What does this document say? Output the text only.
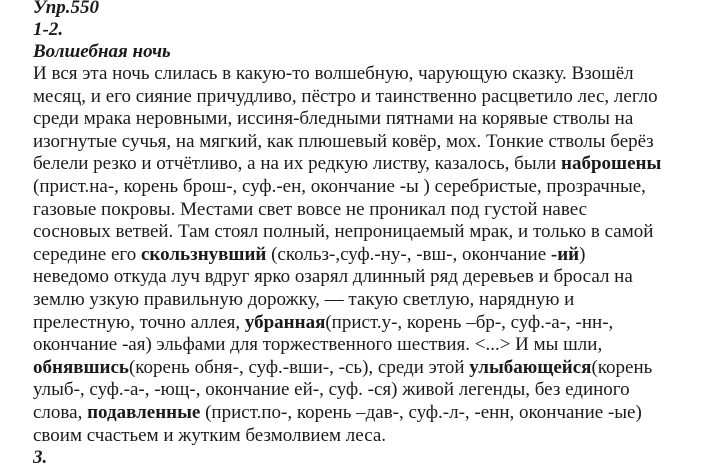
Упр.550

1-2.

Волшебная ночь

И вся эта ночь слилась в какую-то волшебную, чарующую сказку. Взошёл
месяц, и его сияние причудливо, пёстро и таинственно расцветило лес, легло
среди мрака неровными, иссиня-бледными пятнами на корявые стволы на
изогнутые сучья, на мягкий, как плюшевый ковёр, мох. Тонкие стволы берёз
белели резко и отчётливо, а на их редкую листву, казалось, были наброшены
(прист.на-, корень брош-, суф.-ен, окончание -ы ) серебристые, прозрачные,
газовые покровы. Местами свет вовсе не проникал под густой навес
сосновых ветвей. Там стоял полный, непроницаемый мрак, и только в самой
середине его скользнувший (скольз-,суф.-ну-, -вш-, окончание -ий)
неведомо откуда луч вдруг ярко озарял длинный ряд деревьев и бросал на
землю узкую правильную дорожку, — такую светлую, нарядную и
прелестную, точно аллея, убранная(прист.у-, корень –бр-, суф.-а-, -нн-,
окончание -ая) эльфами для торжественного шествия. <...> И мы шли,
обнявшись(корень обня-, суф.-вши-, -сь), среди этой улыбающейся(корень
улыб-, суф.-а-, -ющ-, окончание ей-, суф. -ся) живой легенды, без единого
слова, подавленные (прист.по-, корень –дав-, суф.-л-, -енн, окончание -ые)
своим счастьем и жутким безмолвием леса.

3.
